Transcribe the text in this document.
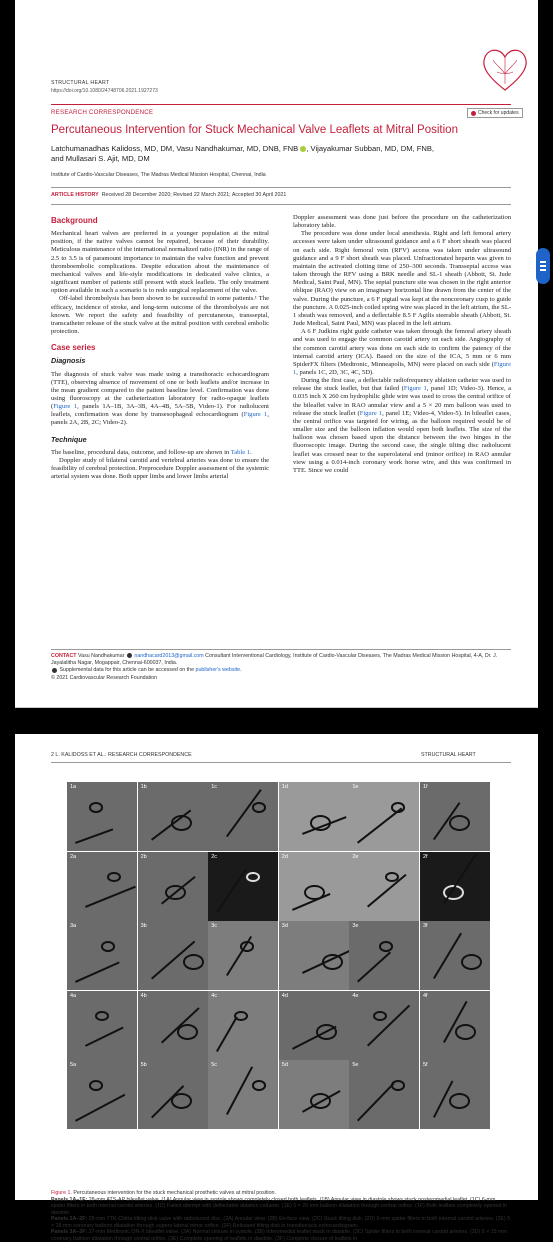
STRUCTURAL HEART
https://doi.org/10.1080/24748706.2021.1927273
RESEARCH CORRESPONDENCE	Check for updates
Percutaneous Intervention for Stuck Mechanical Valve Leaflets at Mitral Position
Latchumanadhas Kalidoss, MD, DM, Vasu Nandhakumar, MD, DNB, FNB , Vijayakumar Subban, MD, DM, FNB,
and Mullasari S. Ajit, MD, DM
Institute of Cardio-Vascular Diseases, The Madras Medical Mission Hospital, Chennai, India
ARTICLE HISTORY Received 28 December 2020; Revised 22 March 2021; Accepted 30 April 2021
Background

Mechanical heart valves are preferred in a younger population at the mitral position, if the native valves cannot be repaired, because of their durability. Meticulous maintenance of the international normalized ratio (INR) in the range of 2.5 to 3.5 is of paramount importance to maintain the valve function and prevent thromboembolic complications. Despite education about the maintenance of mechanical valves and life-style modifications in dedicated valve clinics, a significant number of patients still present with stuck leaflets. The only treatment option available in such a scenario is to redo surgical replacement of the valve.

Off-label thrombolysis has been shown to be successful in some patients.¹ The efficacy, incidence of stroke, and long-term outcome of the thrombolysis are not known. We report the safety and feasibility of percutaneous, transseptal, transcatheter release of the stuck valve at the mitral position with cerebral embolic protection.

Case series
Diagnosis

The diagnosis of stuck valve was made using a transthoracic echocardiogram (TTE), observing absence of movement of one or both leaflets and/or increase in the mean gradient compared to the patient baseline level. Confirmation was done using fluoroscopy at the catheterization laboratory for radio-opaque leaflets (Figure 1, panels 1A–1B, 3A–3B, 4A–4B, 5A–5B, Video-1). For radiolucent leaflets, confirmation was done by transesophageal echocardiogram (Figure 1, panels 2A, 2B, 2C; Video-2).

Technique

The baseline, procedural data, outcome, and follow-up are shown in Table 1.

Doppler study of bilateral carotid and vertebral arteries was done to ensure the feasibility of cerebral protection. Preprocedure Doppler assessment of the systemic arterial system was done. Both upper limbs and lower limbs arterial

Doppler assessment was done just before the procedure on the catheterization laboratory table.

The procedure was done under local anesthesia. Right and left femoral artery accesses were taken under ultrasound guidance and a 6 F short sheath was placed on each side. Right femoral vein (RFV) access was taken under ultrasound guidance and a 9 F short sheath was placed. Unfractionated heparin was given to maintain the activated clotting time of 250–300 seconds. Transseptal access was taken through the RFV using a BRK needle and SL-1 sheath (Abbott, St. Jude Medical, Saint Paul, MN). The septal puncture site was chosen in the right anterior oblique (RAO) view on an imaginary horizontal line drawn from the center of the valve. During the puncture, a 6 F pigtail was kept at the noncoronary cusp to guide the puncture. A 0.025-inch coiled spring wire was placed in the left atrium, the SL-1 sheath was removed, and a deflectable 8.5 F Agilis steerable sheath (Abbott, St. Jude Medical, Saint Paul, MN) was placed in the left atrium.

A 6 F Judkins right guide catheter was taken through the femoral artery sheath and was used to engage the common carotid artery on each side. Angiography of the common carotid artery was done on each side to confirm the patency of the internal carotid artery (ICA). Based on the size of the ICA, 5 mm or 6 mm SpiderFX filters (Medtronic, Minneapolis, MN) were placed on each side (Figure 1, panels 1C, 2D, 3C, 4C, 5D).

During the first case, a deflectable radiofrequency ablation catheter was used to release the stuck leaflet, but that failed (Figure 1, panel 1D; Video-3). Hence, a 0.035 inch X 260 cm hydrophilic glide wire was used to cross the central orifice of the bileaflet valve in RAO annular view and a 5 × 20 mm balloon was used to release the stuck leaflet (Figure 1, panel 1E; Video-4, Video-5). In bileaflet cases, the central orifice was targeted for wiring, as the balloon required would be of smaller size and the balloon inflation would open both leaflets. The size of the balloon was chosen based upon the distance between the two hinges in the fluoroscopic image. During the second case, the single tilting disc radiolucent leaflet was crossed near to the superolateral end (minor orifice) in RAO annular view using a 0.014-inch coronary work horse wire, and this was confirmed in TTE. Since we could

CONTACT Vasu Nandhakumar nandhacard2013@gmail.com Consultant Interventional Cardiology, Institute of Cardio-Vascular Diseases, The Madras Medical Mission Hospital, 4-A, Dr. J. Jayalalitha Nagar, Mogappair, Chennai-600037, India.
Supplemental data for this article can be accessed on the publisher's website.
© 2021 Cardiovascular Research Foundation
2 L. KALIDOSS ET AL.: RESEARCH CORRESPONDENCE	STRUCTURAL HEART
1a	1b	1c	1d	1e	1f
2a	2b	2c	2d	2e	2f
3a	3b	3c	3d	3e	3f
4a	4b	4c	4d	4e	4f
5a	5b	5c	5d	5e	5f
Figure 1. Percutaneous intervention for the stuck mechanical prosthetic valves at mitral position.
Panels 1A–1F: 28-mm ATS-AP bileaflet valve. (1A) Annular view in systole shows completely closed both leaflets. (1B) Annular view in diastole shows stuck posteromedial leaflet. (1C) 6-mm spider filters in both internal carotid arteries. (1D) Failed attempt with deflectable ablation catheter. (1E) 5 × 20 mm balloon dilatation through central orifice. (1F) Both leaflets completely opened in diastole.
Panels 2A–2F: 25-mm TTK-Chitra tilting-disk valve with radiolucent disc. (2A) Annular view. (2B) En-face view. (2C) Stuck tilting disk. (2D) 6-mm spider filters in both internal carotid arteries. (2E) 5 × 18 mm coronary balloon dilatation through supero-lateral minor orifice. (2F) Released tilting disk in transthoracic echocardiogram.
Panels 3A–3F: 27-mm Medtronic ON-X bileaflet valve. (3A) Normal closure in systole. (3B) Inferomedial leaflet stuck in diastole. (3C) Spider filters in both internal carotid arteries. (3D) 5 × 15 mm coronary balloon dilatation through central orifice. (3E) Complete opening of leaflets in diastole. (3F) Complete closure of leaflets in
